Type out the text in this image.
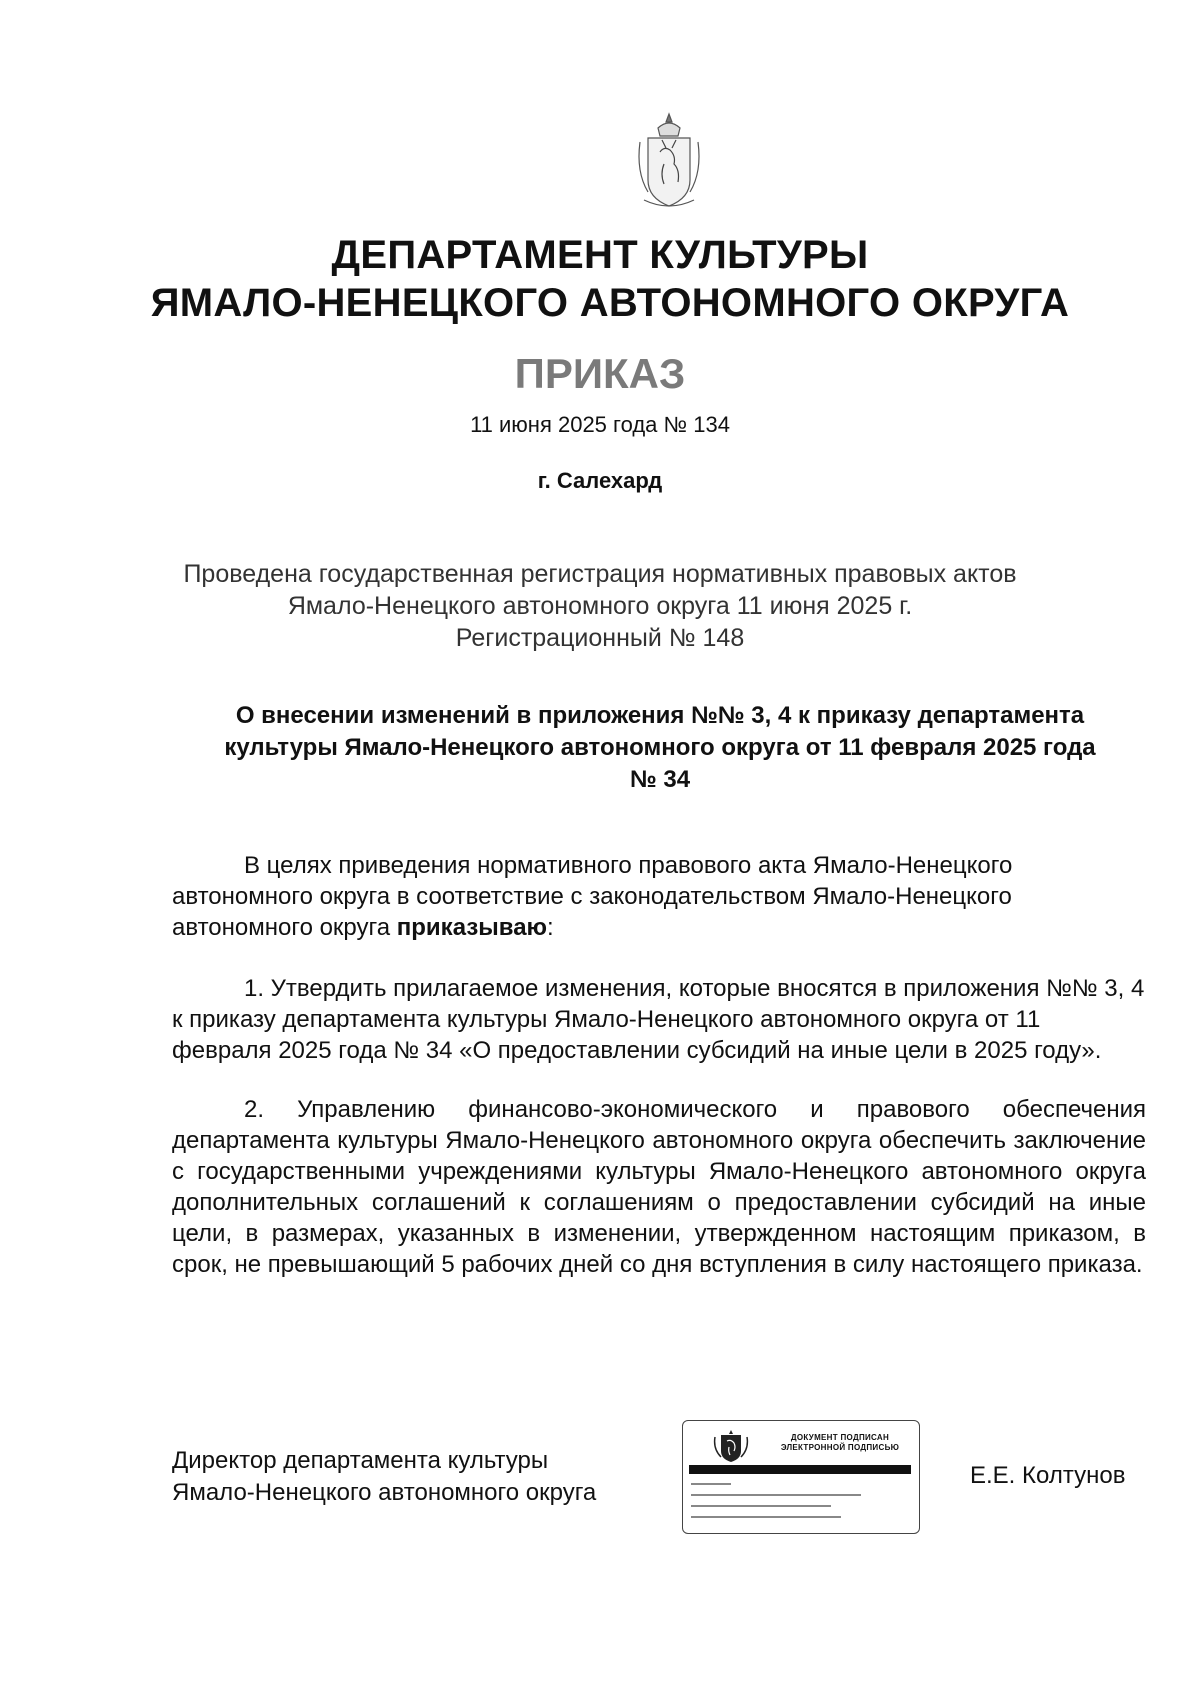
ДЕПАРТАМЕНТ КУЛЬТУРЫ
ЯМАЛО-НЕНЕЦКОГО АВТОНОМНОГО ОКРУГА
ПРИКАЗ
11 июня 2025 года № 134
г. Салехард
Проведена государственная регистрация нормативных правовых актов
Ямало-Ненецкого автономного округа 11 июня 2025 г.
Регистрационный № 148
О внесении изменений в приложения №№ 3, 4 к приказу департамента
культуры Ямало-Ненецкого автономного округа от 11 февраля 2025 года
№ 34
В целях приведения нормативного правового акта Ямало-Ненецкого автономного округа в соответствие с законодательством Ямало-Ненецкого автономного округа приказываю:
1. Утвердить прилагаемое изменения, которые вносятся в приложения №№ 3, 4 к приказу департамента культуры Ямало-Ненецкого автономного округа от 11 февраля 2025 года № 34 «О предоставлении субсидий на иные цели в 2025 году».
2. Управлению финансово-экономического и правового обеспечения департамента культуры Ямало-Ненецкого автономного округа обеспечить заключение с государственными учреждениями культуры Ямало-Ненецкого автономного округа дополнительных соглашений к соглашениям о предоставлении субсидий на иные цели, в размерах, указанных в изменении, утвержденном настоящим приказом, в срок, не превышающий 5 рабочих дней со дня вступления в силу настоящего приказа.
Директор департамента культуры
Ямало-Ненецкого автономного округа
ДОКУМЕНТ ПОДПИСАН
ЭЛЕКТРОННОЙ ПОДПИСЬЮ
Е.Е. Колтунов
